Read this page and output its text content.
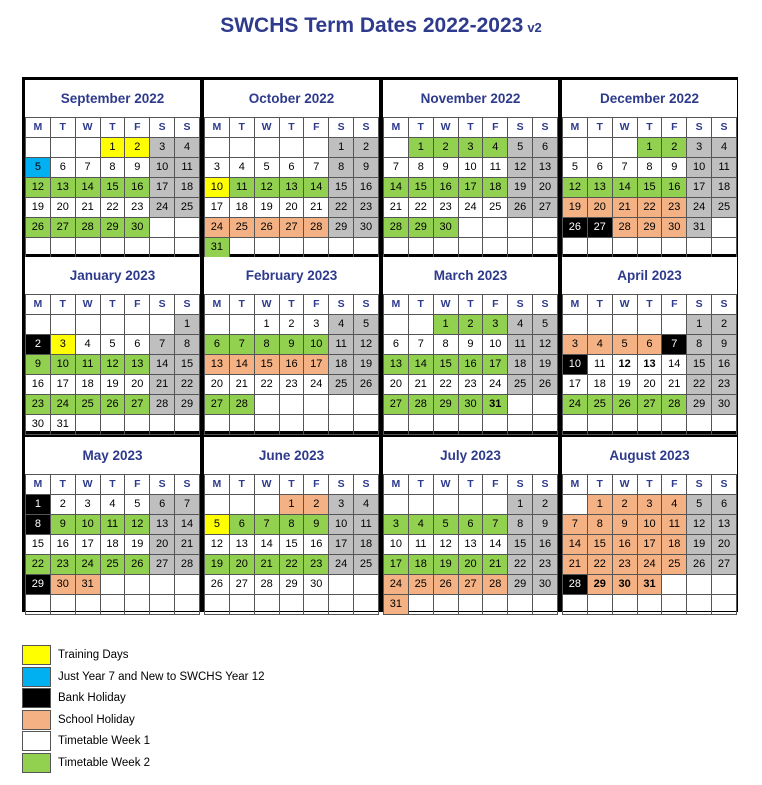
SWCHS Term Dates 2022-2023 v2
September 2022
M	T	W	T	F	S	S
			1	2	3	4
5	6	7	8	9	10	11
12	13	14	15	16	17	18
19	20	21	22	23	24	25
26	27	28	29	30		

October 2022
M	T	W	T	F	S	S
					1	2
3	4	5	6	7	8	9
10	11	12	13	14	15	16
17	18	19	20	21	22	23
24	25	26	27	28	29	30
31						
November 2022
M	T	W	T	F	S	S
	1	2	3	4	5	6
7	8	9	10	11	12	13
14	15	16	17	18	19	20
21	22	23	24	25	26	27
28	29	30				

December 2022
M	T	W	T	F	S	S
			1	2	3	4
5	6	7	8	9	10	11
12	13	14	15	16	17	18
19	20	21	22	23	24	25
26	27	28	29	30	31	

January 2023
M	T	W	T	F	S	S
						1
2	3	4	5	6	7	8
9	10	11	12	13	14	15
16	17	18	19	20	21	22
23	24	25	26	27	28	29
30	31					
February 2023
M	T	W	T	F	S	S
		1	2	3	4	5
6	7	8	9	10	11	12
13	14	15	16	17	18	19
20	21	22	23	24	25	26
27	28					

March 2023
M	T	W	T	F	S	S
		1	2	3	4	5
6	7	8	9	10	11	12
13	14	15	16	17	18	19
20	21	22	23	24	25	26
27	28	29	30	31		

April 2023
M	T	W	T	F	S	S
					1	2
3	4	5	6	7	8	9
10	11	12	13	14	15	16
17	18	19	20	21	22	23
24	25	26	27	28	29	30

May 2023
M	T	W	T	F	S	S
1	2	3	4	5	6	7
8	9	10	11	12	13	14
15	16	17	18	19	20	21
22	23	24	25	26	27	28
29	30	31				

June 2023
M	T	W	T	F	S	S
			1	2	3	4
5	6	7	8	9	10	11
12	13	14	15	16	17	18
19	20	21	22	23	24	25
26	27	28	29	30		

July 2023
M	T	W	T	F	S	S
					1	2
3	4	5	6	7	8	9
10	11	12	13	14	15	16
17	18	19	20	21	22	23
24	25	26	27	28	29	30
31						
August 2023
M	T	W	T	F	S	S
	1	2	3	4	5	6
7	8	9	10	11	12	13
14	15	16	17	18	19	20
21	22	23	24	25	26	27
28	29	30	31			

Training Days
Just Year 7 and New to SWCHS Year 12
Bank Holiday
School Holiday
Timetable Week 1
Timetable Week 2
